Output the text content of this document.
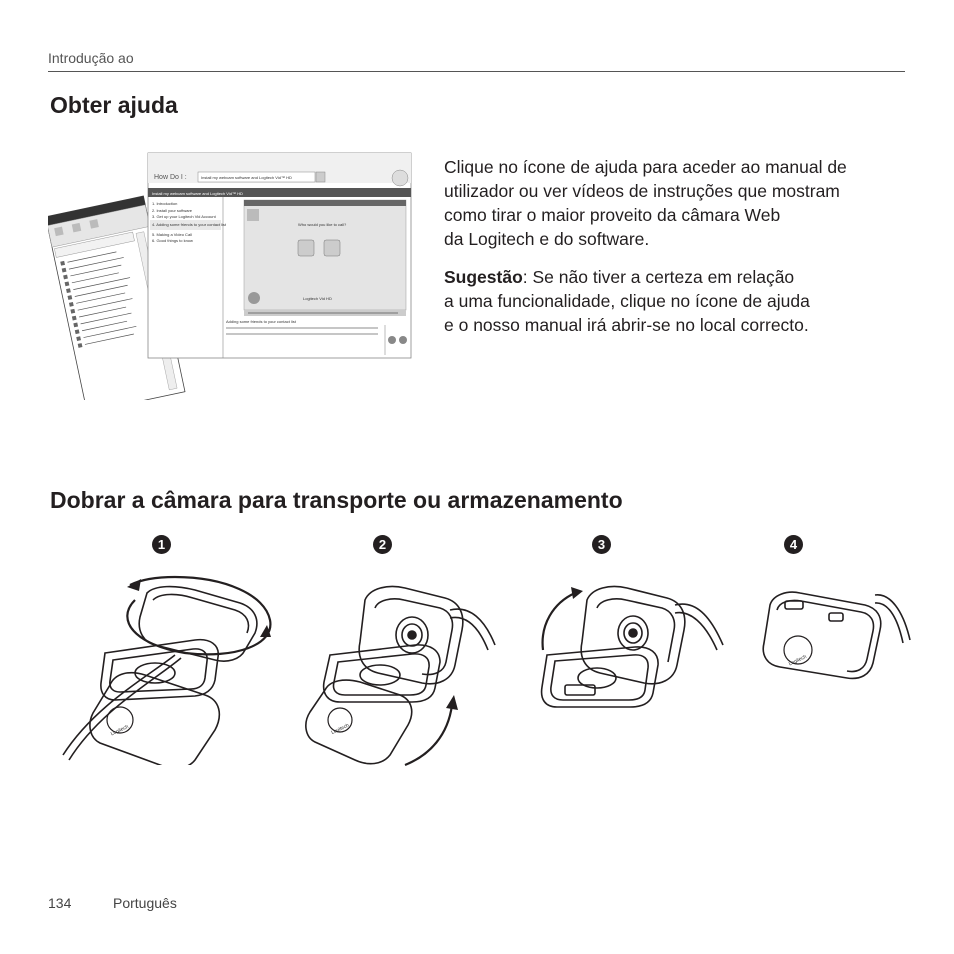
Introdução ao
Obter ajuda
How Do I :	Install my webcam software and Logitech Vid™ HD
Install my webcam software and Logitech Vid™ HD
1. Introduction
2. Install your software
3. Get up your Logitech Vid Account
4. Adding some friends to your contact list
5. Making a Video Call
6. Good things to know
Who would you like to call?
Logitech Vid HD
Adding some friends to your contact list
Clique no ícone de ajuda para aceder ao manual de
utilizador ou ver vídeos de instruções que mostram
como tirar o maior proveito da câmara Web
da Logitech e do software.
Sugestão: Se não tiver a certeza em relação
a uma funcionalidade, clique no ícone de ajuda
e o nosso manual irá abrir-se no local correcto.
Dobrar a câmara para transporte ou armazenamento
1	2	3	4
Logitech	Logitech
Logitech
134	Português
